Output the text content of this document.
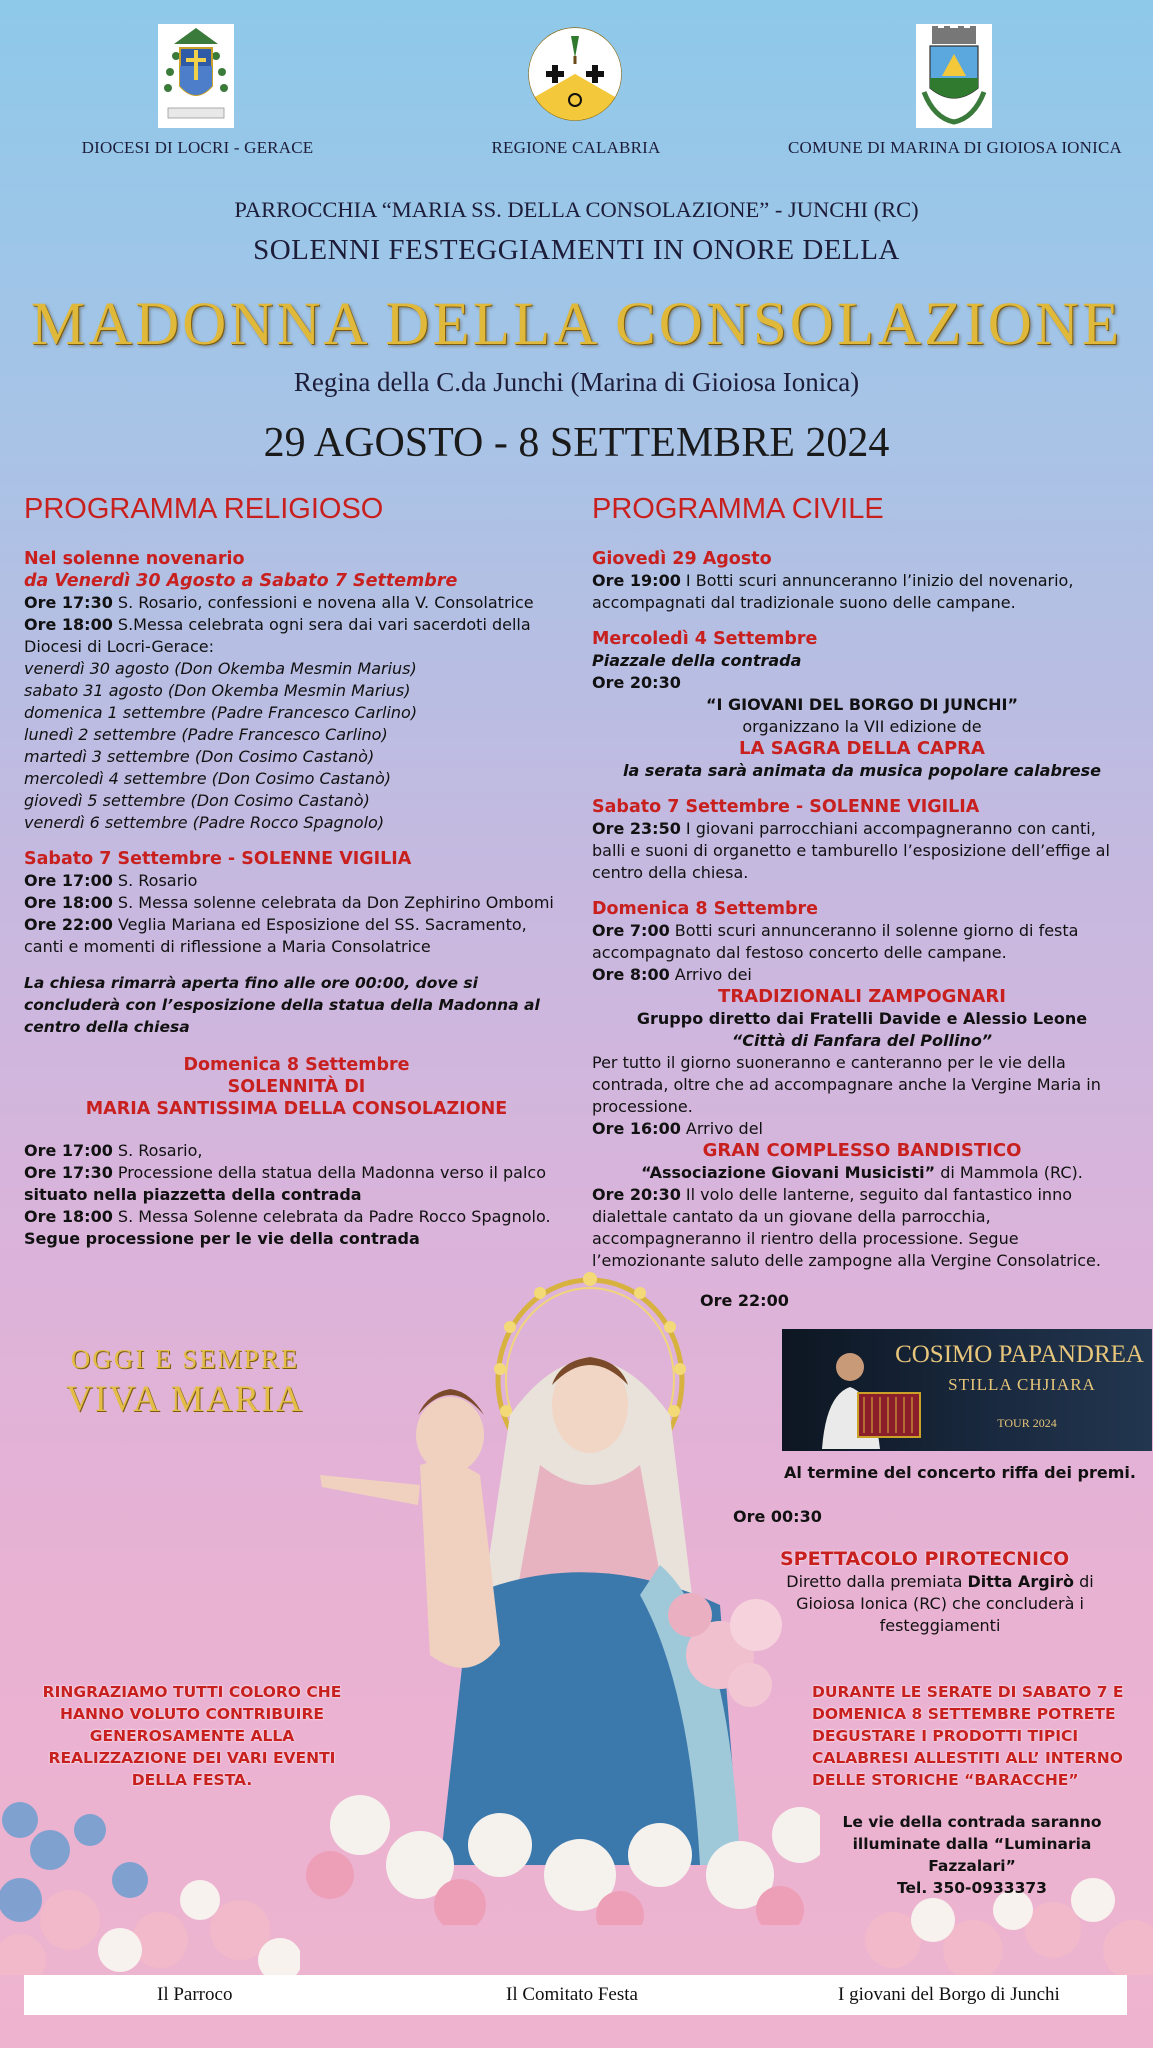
DIOCESI DI LOCRI - GERACE	REGIONE CALABRIA	COMUNE DI MARINA DI GIOIOSA IONICA
PARROCCHIA “MARIA SS. DELLA CONSOLAZIONE” - JUNCHI (RC)
SOLENNI FESTEGGIAMENTI IN ONORE DELLA
MADONNA DELLA CONSOLAZIONE
Regina della C.da Junchi (Marina di Gioiosa Ionica)
29 AGOSTO - 8 SETTEMBRE 2024
PROGRAMMA RELIGIOSO
Nel solenne novenario
da Venerdì 30 Agosto a Sabato 7 Settembre

Ore 17:30 S. Rosario, confessioni e novena alla V. Consolatrice

Ore 18:00 S.Messa celebrata ogni sera dai vari sacerdoti della Diocesi di Locri-Gerace:

venerdì 30 agosto (Don Okemba Mesmin Marius)

sabato 31 agosto (Don Okemba Mesmin Marius)

domenica 1 settembre (Padre Francesco Carlino)

lunedì 2 settembre (Padre Francesco Carlino)

martedì 3 settembre (Don Cosimo Castanò)

mercoledì 4 settembre (Don Cosimo Castanò)

giovedì 5 settembre (Don Cosimo Castanò)

venerdì 6 settembre (Padre Rocco Spagnolo)

Sabato 7 Settembre - SOLENNE VIGILIA

Ore 17:00 S. Rosario

Ore 18:00 S. Messa solenne celebrata da Don Zephirino Ombomi

Ore 22:00 Veglia Mariana ed Esposizione del SS. Sacramento, canti e momenti di riflessione a Maria Consolatrice

La chiesa rimarrà aperta fino alle ore 00:00, dove si concluderà con l’esposizione della statua della Madonna al centro della chiesa

Domenica 8 Settembre
SOLENNITÀ DI
MARIA SANTISSIMA DELLA CONSOLAZIONE

Ore 17:00 S. Rosario,

Ore 17:30 Processione della statua della Madonna verso il palco

situato nella piazzetta della contrada

Ore 18:00 S. Messa Solenne celebrata da Padre Rocco Spagnolo.

Segue processione per le vie della contrada

PROGRAMMA CIVILE
Giovedì 29 Agosto

Ore 19:00 I Botti scuri annunceranno l’inizio del novenario, accompagnati dal tradizionale suono delle campane.

Mercoledì 4 Settembre

Piazzale della contrada

Ore 20:30

“I GIOVANI DEL BORGO DI JUNCHI”

organizzano la VII edizione de

LA SAGRA DELLA CAPRA

la serata sarà animata da musica popolare calabrese

Sabato 7 Settembre - SOLENNE VIGILIA

Ore 23:50 I giovani parrocchiani accompagneranno con canti, balli e suoni di organetto e tamburello l’esposizione dell’effige al centro della chiesa.

Domenica 8 Settembre

Ore 7:00 Botti scuri annunceranno il solenne giorno di festa accompagnato dal festoso concerto delle campane.

Ore 8:00 Arrivo dei

TRADIZIONALI ZAMPOGNARI

Gruppo diretto dai Fratelli Davide e Alessio Leone

“Città di Fanfara del Pollino”

Per tutto il giorno suoneranno e canteranno per le vie della contrada, oltre che ad accompagnare anche la Vergine Maria in processione.

Ore 16:00 Arrivo del

GRAN COMPLESSO BANDISTICO

“Associazione Giovani Musicisti” di Mammola (RC).

Ore 20:30 Il volo delle lanterne, seguito dal fantastico inno dialettale cantato da un giovane della parrocchia, accompagneranno il rientro della processione. Segue l’emozionante saluto delle zampogne alla Vergine Consolatrice.

Ore 22:00
COSIMO PAPANDREA
STILLA CHJIARA
TOUR 2024
Al termine del concerto riffa dei premi.
Ore 00:30
SPETTACOLO PIROTECNICO
Diretto dalla premiata Ditta Argirò di Gioiosa Ionica (RC) che concluderà i festeggiamenti
OGGI E SEMPRE
VIVA MARIA
RINGRAZIAMO TUTTI COLORO CHE HANNO VOLUTO CONTRIBUIRE GENEROSAMENTE ALLA REALIZZAZIONE DEI VARI EVENTI DELLA FESTA.
DURANTE LE SERATE DI SABATO 7 E DOMENICA 8 SETTEMBRE POTRETE DEGUSTARE I PRODOTTI TIPICI CALABRESI ALLESTITI ALL’ INTERNO DELLE STORICHE “BARACCHE”
Le vie della contrada saranno
illuminate dalla “Luminaria Fazzalari”
Tel. 350-0933373
Il Parroco	Il Comitato Festa	I giovani del Borgo di Junchi
